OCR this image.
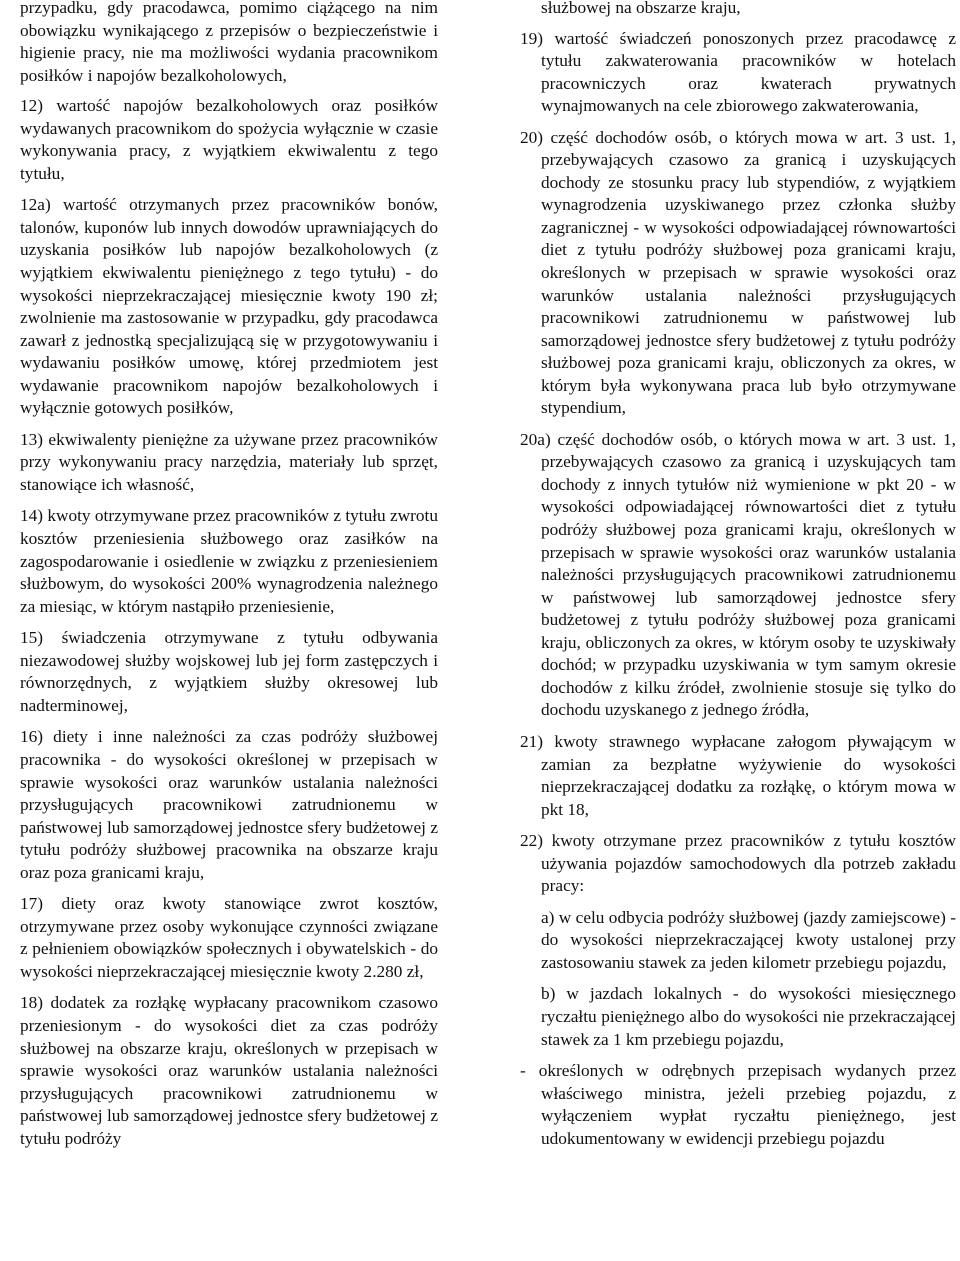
przypadku, gdy pracodawca, pomimo ciążącego na nim obowiązku wynikającego z przepisów o bezpieczeństwie i higienie pracy, nie ma możliwości wydania pracownikom posiłków i napojów bezalkoholowych,

12) wartość napojów bezalkoholowych oraz posiłków wydawanych pracownikom do spożycia wyłącznie w czasie wykonywania pracy, z wyjątkiem ekwiwalentu z tego tytułu,

12a) wartość otrzymanych przez pracowników bonów, talonów, kuponów lub innych dowodów uprawniających do uzyskania posiłków lub napojów bezalkoholowych (z wyjątkiem ekwiwalentu pieniężnego z tego tytułu) - do wysokości nieprzekraczającej miesięcznie kwoty 190 zł; zwolnienie ma zastosowanie w przypadku, gdy pracodawca zawarł z jednostką specjalizującą się w przygotowywaniu i wydawaniu posiłków umowę, której przedmiotem jest wydawanie pracownikom napojów bezalkoholowych i wyłącznie gotowych posiłków,

13) ekwiwalenty pieniężne za używane przez pracowników przy wykonywaniu pracy narzędzia, materiały lub sprzęt, stanowiące ich własność,

14) kwoty otrzymywane przez pracowników z tytułu zwrotu kosztów przeniesienia służbowego oraz zasiłków na zagospodarowanie i osiedlenie w związku z przeniesieniem służbowym, do wysokości 200% wynagrodzenia należnego za miesiąc, w którym nastąpiło przeniesienie,

15) świadczenia otrzymywane z tytułu odbywania niezawodowej służby wojskowej lub jej form zastępczych i równorzędnych, z wyjątkiem służby okresowej lub nadterminowej,

16) diety i inne należności za czas podróży służbowej pracownika - do wysokości określonej w przepisach w sprawie wysokości oraz warunków ustalania należności przysługujących pracownikowi zatrudnionemu w państwowej lub samorządowej jednostce sfery budżetowej z tytułu podróży służbowej pracownika na obszarze kraju oraz poza granicami kraju,

17) diety oraz kwoty stanowiące zwrot kosztów, otrzymywane przez osoby wykonujące czynności związane z pełnieniem obowiązków społecznych i obywatelskich - do wysokości nieprzekraczającej miesięcznie kwoty 2.280 zł,

18) dodatek za rozłąkę wypłacany pracownikom czasowo przeniesionym - do wysokości diet za czas podróży służbowej na obszarze kraju, określonych w przepisach w sprawie wysokości oraz warunków ustalania należności przysługujących pracownikowi zatrudnionemu w państwowej lub samorządowej jednostce sfery budżetowej z tytułu podróży

służbowej na obszarze kraju,

19) wartość świadczeń ponoszonych przez pracodawcę z tytułu zakwaterowania pracowników w hotelach pracowniczych oraz kwaterach prywatnych wynajmowanych na cele zbiorowego zakwaterowania,

20) część dochodów osób, o których mowa w art. 3 ust. 1, przebywających czasowo za granicą i uzyskujących dochody ze stosunku pracy lub stypendiów, z wyjątkiem wynagrodzenia uzyskiwanego przez członka służby zagranicznej - w wysokości odpowiadającej równowartości diet z tytułu podróży służbowej poza granicami kraju, określonych w przepisach w sprawie wysokości oraz warunków ustalania należności przysługujących pracownikowi zatrudnionemu w państwowej lub samorządowej jednostce sfery budżetowej z tytułu podróży służbowej poza granicami kraju, obliczonych za okres, w którym była wykonywana praca lub było otrzymywane stypendium,

20a) część dochodów osób, o których mowa w art. 3 ust. 1, przebywających czasowo za granicą i uzyskujących tam dochody z innych tytułów niż wymienione w pkt 20 - w wysokości odpowiadającej równowartości diet z tytułu podróży służbowej poza granicami kraju, określonych w przepisach w sprawie wysokości oraz warunków ustalania należności przysługujących pracownikowi zatrudnionemu w państwowej lub samorządowej jednostce sfery budżetowej z tytułu podróży służbowej poza granicami kraju, obliczonych za okres, w którym osoby te uzyskiwały dochód; w przypadku uzyskiwania w tym samym okresie dochodów z kilku źródeł, zwolnienie stosuje się tylko do dochodu uzyskanego z jednego źródła,

21) kwoty strawnego wypłacane załogom pływającym w zamian za bezpłatne wyżywienie do wysokości nieprzekraczającej dodatku za rozłąkę, o którym mowa w pkt 18,

22) kwoty otrzymane przez pracowników z tytułu kosztów używania pojazdów samochodowych dla potrzeb zakładu pracy:

a) w celu odbycia podróży służbowej (jazdy zamiejscowe) - do wysokości nieprzekraczającej kwoty ustalonej przy zastosowaniu stawek za jeden kilometr przebiegu pojazdu,

b) w jazdach lokalnych - do wysokości miesięcznego ryczałtu pieniężnego albo do wysokości nie przekraczającej stawek za 1 km przebiegu pojazdu,

- określonych w odrębnych przepisach wydanych przez właściwego ministra, jeżeli przebieg pojazdu, z wyłączeniem wypłat ryczałtu pieniężnego, jest udokumentowany w ewidencji przebiegu pojazdu
